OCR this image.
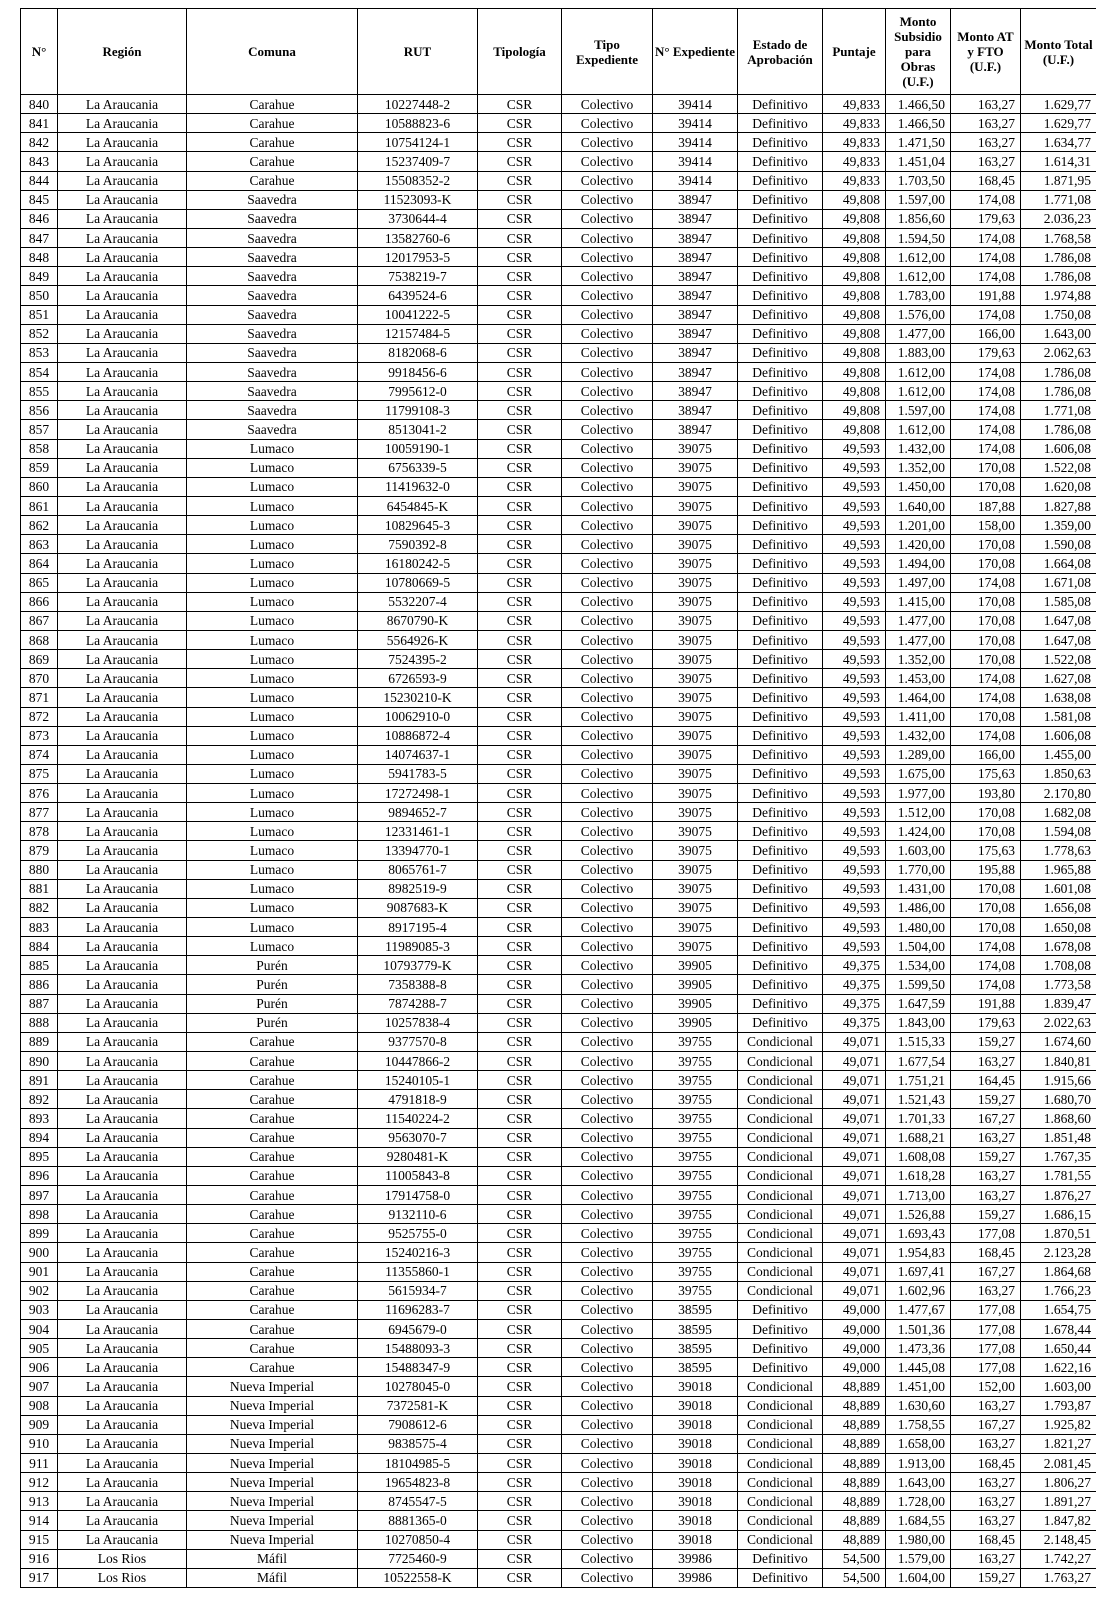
N°	Región	Comuna	RUT	Tipología	Tipo Expediente	N° Expediente	Estado de Aprobación	Puntaje	Monto Subsidio para Obras (U.F.)	Monto AT y FTO (U.F.)	Monto Total (U.F.)
840	La Araucania	Carahue	10227448-2	CSR	Colectivo	39414	Definitivo	49,833	1.466,50	163,27	1.629,77
841	La Araucania	Carahue	10588823-6	CSR	Colectivo	39414	Definitivo	49,833	1.466,50	163,27	1.629,77
842	La Araucania	Carahue	10754124-1	CSR	Colectivo	39414	Definitivo	49,833	1.471,50	163,27	1.634,77
843	La Araucania	Carahue	15237409-7	CSR	Colectivo	39414	Definitivo	49,833	1.451,04	163,27	1.614,31
844	La Araucania	Carahue	15508352-2	CSR	Colectivo	39414	Definitivo	49,833	1.703,50	168,45	1.871,95
845	La Araucania	Saavedra	11523093-K	CSR	Colectivo	38947	Definitivo	49,808	1.597,00	174,08	1.771,08
846	La Araucania	Saavedra	3730644-4	CSR	Colectivo	38947	Definitivo	49,808	1.856,60	179,63	2.036,23
847	La Araucania	Saavedra	13582760-6	CSR	Colectivo	38947	Definitivo	49,808	1.594,50	174,08	1.768,58
848	La Araucania	Saavedra	12017953-5	CSR	Colectivo	38947	Definitivo	49,808	1.612,00	174,08	1.786,08
849	La Araucania	Saavedra	7538219-7	CSR	Colectivo	38947	Definitivo	49,808	1.612,00	174,08	1.786,08
850	La Araucania	Saavedra	6439524-6	CSR	Colectivo	38947	Definitivo	49,808	1.783,00	191,88	1.974,88
851	La Araucania	Saavedra	10041222-5	CSR	Colectivo	38947	Definitivo	49,808	1.576,00	174,08	1.750,08
852	La Araucania	Saavedra	12157484-5	CSR	Colectivo	38947	Definitivo	49,808	1.477,00	166,00	1.643,00
853	La Araucania	Saavedra	8182068-6	CSR	Colectivo	38947	Definitivo	49,808	1.883,00	179,63	2.062,63
854	La Araucania	Saavedra	9918456-6	CSR	Colectivo	38947	Definitivo	49,808	1.612,00	174,08	1.786,08
855	La Araucania	Saavedra	7995612-0	CSR	Colectivo	38947	Definitivo	49,808	1.612,00	174,08	1.786,08
856	La Araucania	Saavedra	11799108-3	CSR	Colectivo	38947	Definitivo	49,808	1.597,00	174,08	1.771,08
857	La Araucania	Saavedra	8513041-2	CSR	Colectivo	38947	Definitivo	49,808	1.612,00	174,08	1.786,08
858	La Araucania	Lumaco	10059190-1	CSR	Colectivo	39075	Definitivo	49,593	1.432,00	174,08	1.606,08
859	La Araucania	Lumaco	6756339-5	CSR	Colectivo	39075	Definitivo	49,593	1.352,00	170,08	1.522,08
860	La Araucania	Lumaco	11419632-0	CSR	Colectivo	39075	Definitivo	49,593	1.450,00	170,08	1.620,08
861	La Araucania	Lumaco	6454845-K	CSR	Colectivo	39075	Definitivo	49,593	1.640,00	187,88	1.827,88
862	La Araucania	Lumaco	10829645-3	CSR	Colectivo	39075	Definitivo	49,593	1.201,00	158,00	1.359,00
863	La Araucania	Lumaco	7590392-8	CSR	Colectivo	39075	Definitivo	49,593	1.420,00	170,08	1.590,08
864	La Araucania	Lumaco	16180242-5	CSR	Colectivo	39075	Definitivo	49,593	1.494,00	170,08	1.664,08
865	La Araucania	Lumaco	10780669-5	CSR	Colectivo	39075	Definitivo	49,593	1.497,00	174,08	1.671,08
866	La Araucania	Lumaco	5532207-4	CSR	Colectivo	39075	Definitivo	49,593	1.415,00	170,08	1.585,08
867	La Araucania	Lumaco	8670790-K	CSR	Colectivo	39075	Definitivo	49,593	1.477,00	170,08	1.647,08
868	La Araucania	Lumaco	5564926-K	CSR	Colectivo	39075	Definitivo	49,593	1.477,00	170,08	1.647,08
869	La Araucania	Lumaco	7524395-2	CSR	Colectivo	39075	Definitivo	49,593	1.352,00	170,08	1.522,08
870	La Araucania	Lumaco	6726593-9	CSR	Colectivo	39075	Definitivo	49,593	1.453,00	174,08	1.627,08
871	La Araucania	Lumaco	15230210-K	CSR	Colectivo	39075	Definitivo	49,593	1.464,00	174,08	1.638,08
872	La Araucania	Lumaco	10062910-0	CSR	Colectivo	39075	Definitivo	49,593	1.411,00	170,08	1.581,08
873	La Araucania	Lumaco	10886872-4	CSR	Colectivo	39075	Definitivo	49,593	1.432,00	174,08	1.606,08
874	La Araucania	Lumaco	14074637-1	CSR	Colectivo	39075	Definitivo	49,593	1.289,00	166,00	1.455,00
875	La Araucania	Lumaco	5941783-5	CSR	Colectivo	39075	Definitivo	49,593	1.675,00	175,63	1.850,63
876	La Araucania	Lumaco	17272498-1	CSR	Colectivo	39075	Definitivo	49,593	1.977,00	193,80	2.170,80
877	La Araucania	Lumaco	9894652-7	CSR	Colectivo	39075	Definitivo	49,593	1.512,00	170,08	1.682,08
878	La Araucania	Lumaco	12331461-1	CSR	Colectivo	39075	Definitivo	49,593	1.424,00	170,08	1.594,08
879	La Araucania	Lumaco	13394770-1	CSR	Colectivo	39075	Definitivo	49,593	1.603,00	175,63	1.778,63
880	La Araucania	Lumaco	8065761-7	CSR	Colectivo	39075	Definitivo	49,593	1.770,00	195,88	1.965,88
881	La Araucania	Lumaco	8982519-9	CSR	Colectivo	39075	Definitivo	49,593	1.431,00	170,08	1.601,08
882	La Araucania	Lumaco	9087683-K	CSR	Colectivo	39075	Definitivo	49,593	1.486,00	170,08	1.656,08
883	La Araucania	Lumaco	8917195-4	CSR	Colectivo	39075	Definitivo	49,593	1.480,00	170,08	1.650,08
884	La Araucania	Lumaco	11989085-3	CSR	Colectivo	39075	Definitivo	49,593	1.504,00	174,08	1.678,08
885	La Araucania	Purén	10793779-K	CSR	Colectivo	39905	Definitivo	49,375	1.534,00	174,08	1.708,08
886	La Araucania	Purén	7358388-8	CSR	Colectivo	39905	Definitivo	49,375	1.599,50	174,08	1.773,58
887	La Araucania	Purén	7874288-7	CSR	Colectivo	39905	Definitivo	49,375	1.647,59	191,88	1.839,47
888	La Araucania	Purén	10257838-4	CSR	Colectivo	39905	Definitivo	49,375	1.843,00	179,63	2.022,63
889	La Araucania	Carahue	9377570-8	CSR	Colectivo	39755	Condicional	49,071	1.515,33	159,27	1.674,60
890	La Araucania	Carahue	10447866-2	CSR	Colectivo	39755	Condicional	49,071	1.677,54	163,27	1.840,81
891	La Araucania	Carahue	15240105-1	CSR	Colectivo	39755	Condicional	49,071	1.751,21	164,45	1.915,66
892	La Araucania	Carahue	4791818-9	CSR	Colectivo	39755	Condicional	49,071	1.521,43	159,27	1.680,70
893	La Araucania	Carahue	11540224-2	CSR	Colectivo	39755	Condicional	49,071	1.701,33	167,27	1.868,60
894	La Araucania	Carahue	9563070-7	CSR	Colectivo	39755	Condicional	49,071	1.688,21	163,27	1.851,48
895	La Araucania	Carahue	9280481-K	CSR	Colectivo	39755	Condicional	49,071	1.608,08	159,27	1.767,35
896	La Araucania	Carahue	11005843-8	CSR	Colectivo	39755	Condicional	49,071	1.618,28	163,27	1.781,55
897	La Araucania	Carahue	17914758-0	CSR	Colectivo	39755	Condicional	49,071	1.713,00	163,27	1.876,27
898	La Araucania	Carahue	9132110-6	CSR	Colectivo	39755	Condicional	49,071	1.526,88	159,27	1.686,15
899	La Araucania	Carahue	9525755-0	CSR	Colectivo	39755	Condicional	49,071	1.693,43	177,08	1.870,51
900	La Araucania	Carahue	15240216-3	CSR	Colectivo	39755	Condicional	49,071	1.954,83	168,45	2.123,28
901	La Araucania	Carahue	11355860-1	CSR	Colectivo	39755	Condicional	49,071	1.697,41	167,27	1.864,68
902	La Araucania	Carahue	5615934-7	CSR	Colectivo	39755	Condicional	49,071	1.602,96	163,27	1.766,23
903	La Araucania	Carahue	11696283-7	CSR	Colectivo	38595	Definitivo	49,000	1.477,67	177,08	1.654,75
904	La Araucania	Carahue	6945679-0	CSR	Colectivo	38595	Definitivo	49,000	1.501,36	177,08	1.678,44
905	La Araucania	Carahue	15488093-3	CSR	Colectivo	38595	Definitivo	49,000	1.473,36	177,08	1.650,44
906	La Araucania	Carahue	15488347-9	CSR	Colectivo	38595	Definitivo	49,000	1.445,08	177,08	1.622,16
907	La Araucania	Nueva Imperial	10278045-0	CSR	Colectivo	39018	Condicional	48,889	1.451,00	152,00	1.603,00
908	La Araucania	Nueva Imperial	7372581-K	CSR	Colectivo	39018	Condicional	48,889	1.630,60	163,27	1.793,87
909	La Araucania	Nueva Imperial	7908612-6	CSR	Colectivo	39018	Condicional	48,889	1.758,55	167,27	1.925,82
910	La Araucania	Nueva Imperial	9838575-4	CSR	Colectivo	39018	Condicional	48,889	1.658,00	163,27	1.821,27
911	La Araucania	Nueva Imperial	18104985-5	CSR	Colectivo	39018	Condicional	48,889	1.913,00	168,45	2.081,45
912	La Araucania	Nueva Imperial	19654823-8	CSR	Colectivo	39018	Condicional	48,889	1.643,00	163,27	1.806,27
913	La Araucania	Nueva Imperial	8745547-5	CSR	Colectivo	39018	Condicional	48,889	1.728,00	163,27	1.891,27
914	La Araucania	Nueva Imperial	8881365-0	CSR	Colectivo	39018	Condicional	48,889	1.684,55	163,27	1.847,82
915	La Araucania	Nueva Imperial	10270850-4	CSR	Colectivo	39018	Condicional	48,889	1.980,00	168,45	2.148,45
916	Los Rios	Máfil	7725460-9	CSR	Colectivo	39986	Definitivo	54,500	1.579,00	163,27	1.742,27
917	Los Rios	Máfil	10522558-K	CSR	Colectivo	39986	Definitivo	54,500	1.604,00	159,27	1.763,27
